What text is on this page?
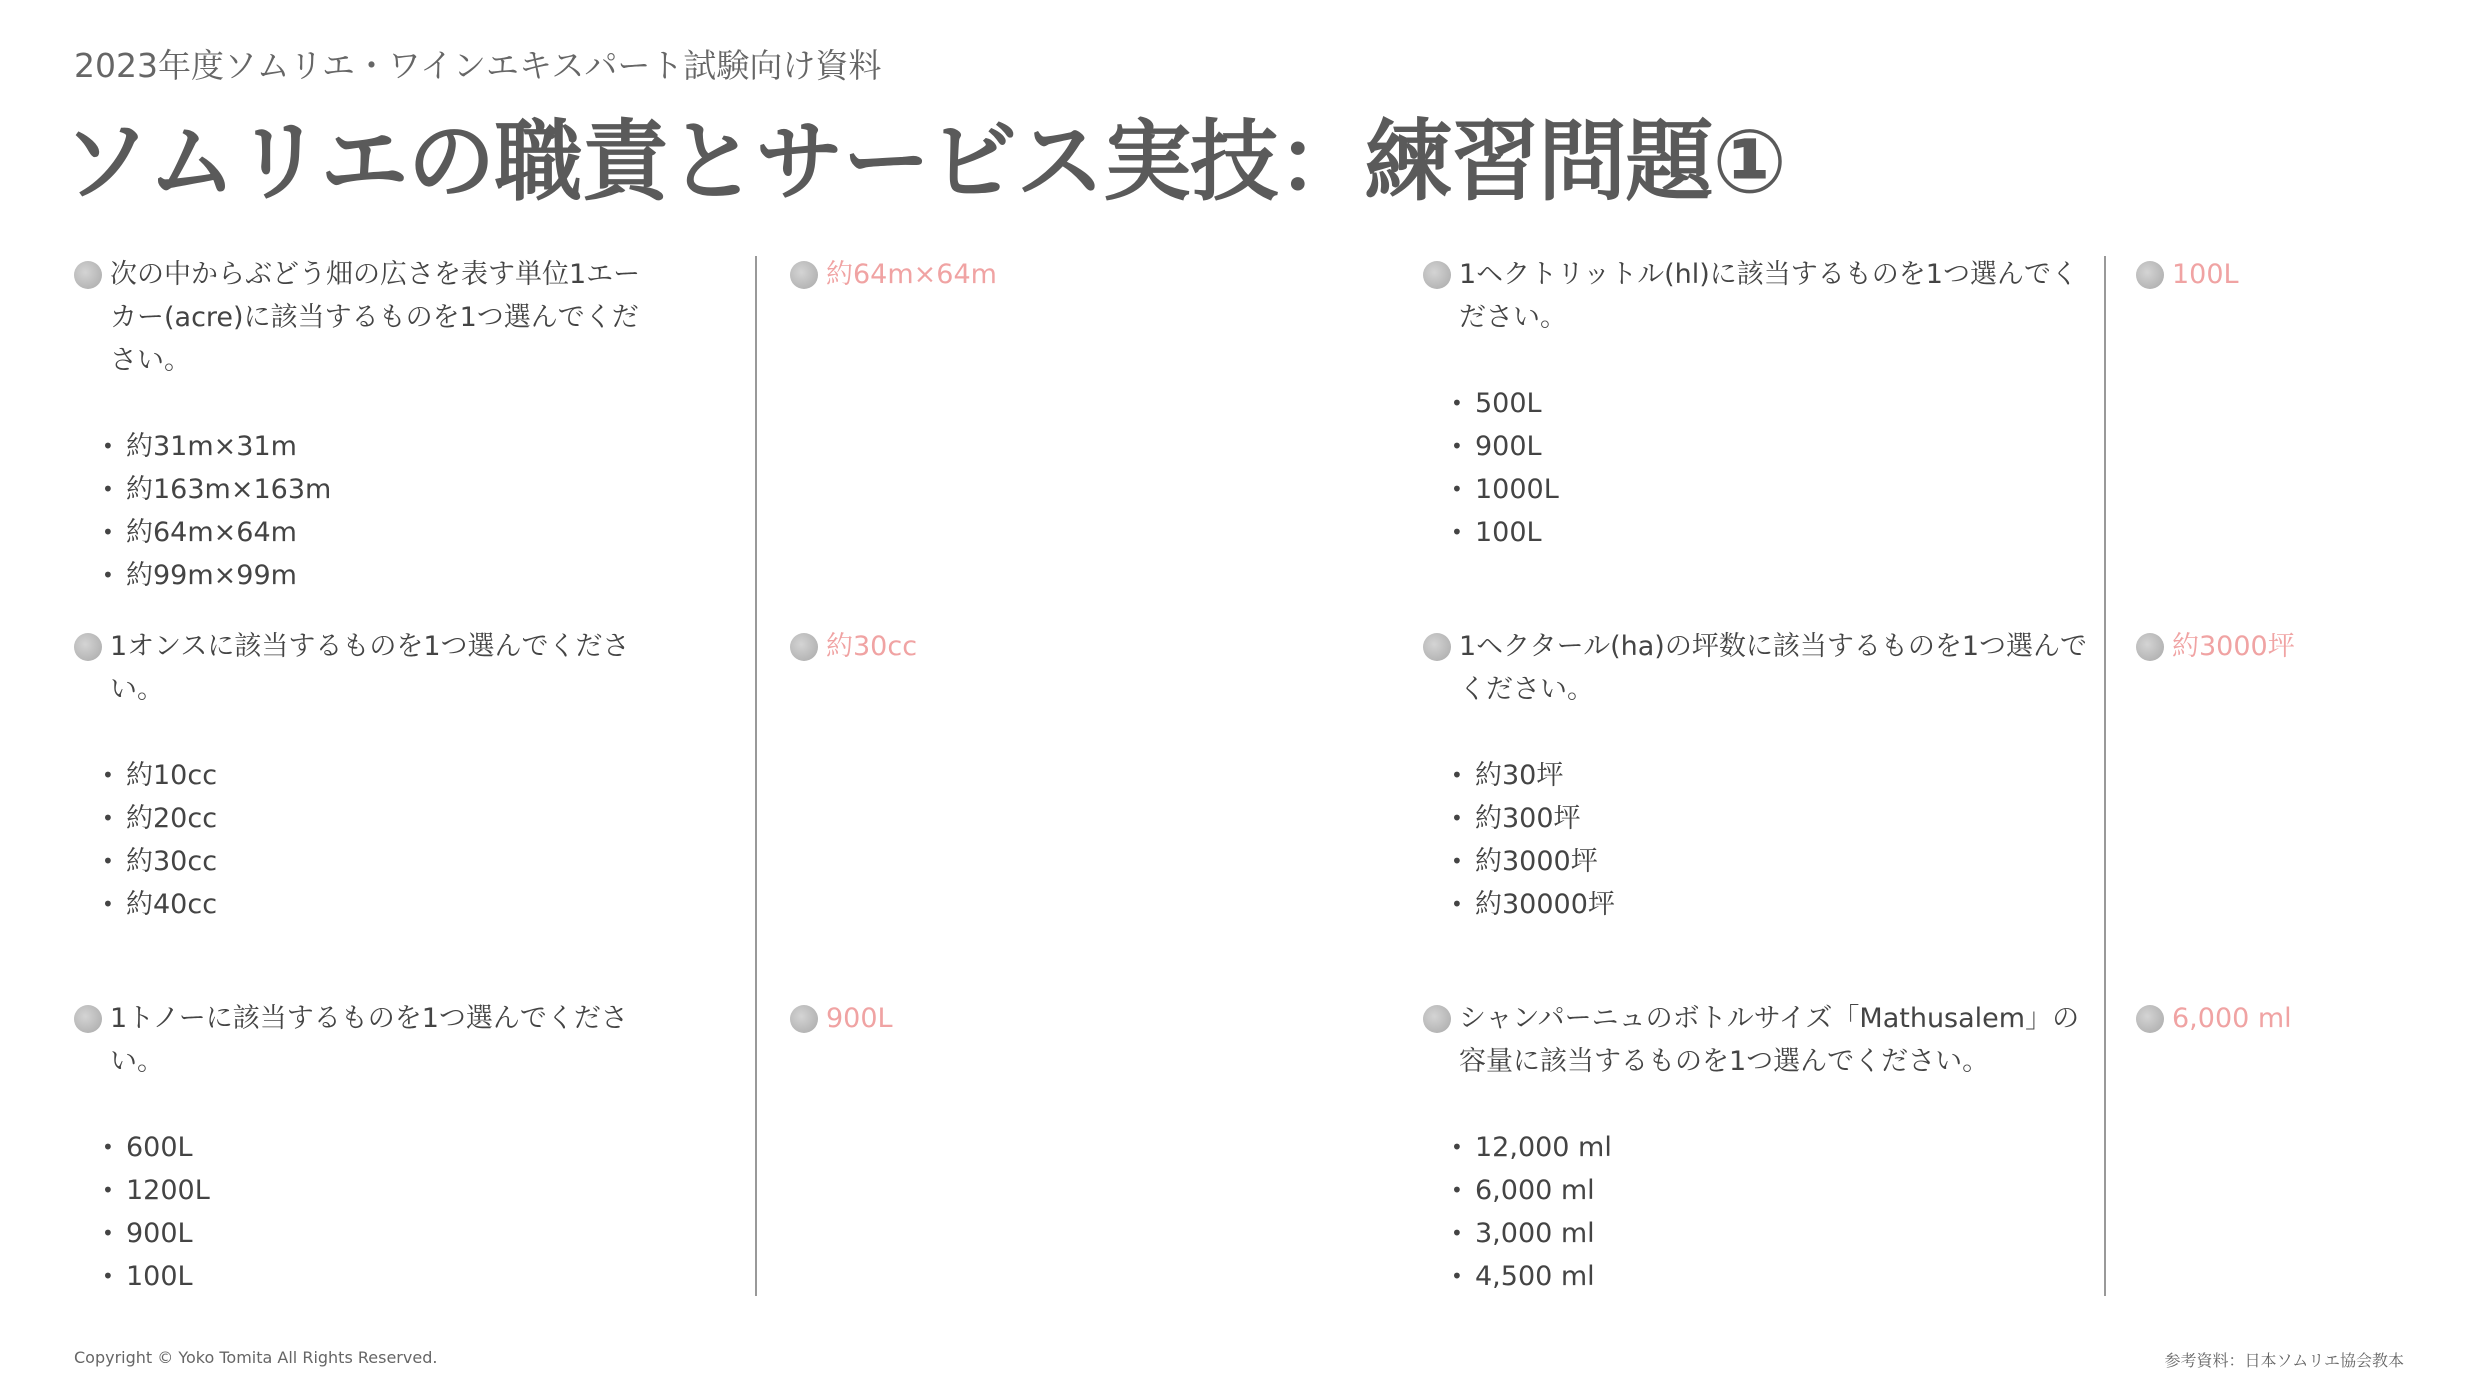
2023年度ソムリエ・ワインエキスパート試験向け資料
ソムリエの職責とサービス実技：練習問題①
次の中からぶどう畑の広さを表す単位1エーカー(acre)に該当するものを1つ選んでください。
• 約31m×31m
• 約163m×163m
• 約64m×64m
• 約99m×99m
約64m×64m
1オンスに該当するものを1つ選んでください。
• 約10cc
• 約20cc
• 約30cc
• 約40cc
約30cc
1トノーに該当するものを1つ選んでください。
• 600L
• 1200L
• 900L
• 100L
900L
1ヘクトリットル(hl)に該当するものを1つ選んでください。
• 500L
• 900L
• 1000L
• 100L
100L
1ヘクタール(ha)の坪数に該当するものを1つ選んでください。
• 約30坪
• 約300坪
• 約3000坪
• 約30000坪
約3000坪
シャンパーニュのボトルサイズ「Mathusalem」の容量に該当するものを1つ選んでください。
• 12,000 ml
• 6,000 ml
• 3,000 ml
• 4,500 ml
6,000 ml
Copyright © Yoko Tomita All Rights Reserved.	参考資料：日本ソムリエ協会教本
